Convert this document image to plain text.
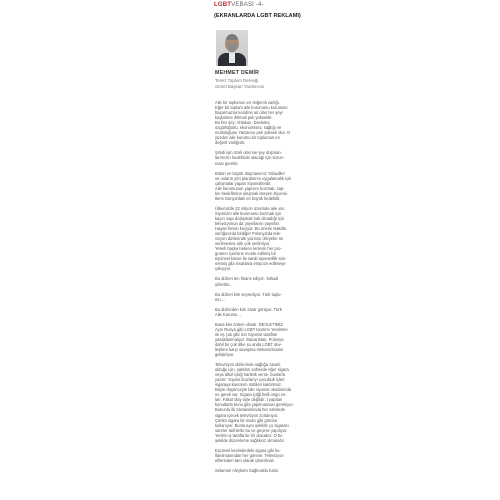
LGBTVEBASI -4-
(EKRANLARDA LGBT REKLAMI)
MEHMET DEMİR
Temiz Toplum Derneği
Genel Başkan Yardımcısı

Aile bir toplumun en önğemli varlığı.
Eğer bir toplum aile kurumunu koruması
başarmazsa kendine ait olan her şeyi
kaybetme ihtimali pek yüksektir.
Bu her şey; Ahlakını, Devletini,
özgürlüğünü, ekonomisini, sağlığı ve
mutluluğunu Yaratıcısı pek yüksek olur. O
yüzden aile kurumu bir toplumun en
değerli varlığıdır.

Şimdi işin özeli olan ise şey düşman-
larımızın hedefinde olacağı için korun-
ması gerekir.

Bütün en büyük düşmanımız Yahudiler
ve onların yön planlarının uygulamalık için
çalışmalar yapan Siyonistlerdir.
Aile kurumunun yapısını bozmak, sap-
kın hedeflerine ulaşmak isteyen Siyonis-
tlerin Dünya'daki en büyük hedefidir.

Ülkemizde 22 milyon üzerinde aile var.
Siyonizm aile kurumunu bozmak için
kaçırı sapı dolaşmak hali olmadığı için
televizyonun da yayınlarını yayınlar.
Hayatı hinsin keçiyor. Bu önemi Nakdle
varlığınızda birdiğer Polonya'da tele-
vizyon dizilerinde yazısını izleyebe ne
verilmesine aile çok verilmiyor.
Yeterli başka bekren lenlerin her pro-
gramın içerisine monte edilmiş bir
eşcinsel kimse ile sanki aşısıselilik sün-
netmiş gibi insanlara empoze edilmeye
çalışıyor.

Bu dizileri ten finans ediyor. Yahudi
şirketler...

Bu dizileri kim seyrediyor. Türk toplu-
mu ...

Bu dizilerden kim zarar görüyor. Türk
Aile Kurumu ...

Buna kim önlem olmalı. DEVLETİMİZ.
Aynı Rusya gibi LGBT tanıtımı Yenilmen
ile eş çok gibi izin Siyonist tarafları
yasaklanmalıyız. Macaristan, Polonya
dahil bir çok ülke şu anda LGBT dev-
leşilere karşı savaşma mekanizmaları
geliştiriyor.

Televizyon dizilerinde sağlığa zararlı
olduğu için, şarkları sahnede eğer sigara
veya alkol içkiğ hariletk verse, bunlarla
yazılır. Yoponi ibuzlarıyı çocukluk içleri
sigaraya kavrarım üstüleri kaldırmaz.
Böyle düşünceyle bile siyonist okurlarında
ne gerek var. Sigara içtiği belli ongu ce-
lari. Fakat olay öyle değildir. İ yapılan
konutlarla bunu gibi yapılmaması gerekiyor.
Bununla ilk zamanlarında her sahnede
sigara içecek televizyon zorlanıyor.
Çünkü sigara bir insan gibi görünü
kullanıyor. Bunla aynı şekilde ço sigarası
süreler tarihlerle bu ve geçirse yapılıyor.
Yerinin iş tarafta ile bir olacakız. O bu
şekilde düzenleme sağlıksız olmasıdır.

Eşcinsel kesimlerdeki sigara gibi ku-
llanılmasından her görene. Televizyon
elilerinden tam olarak çıkarılmalı.

Selamün Aleyküm Sağlıcakla Kalın.
